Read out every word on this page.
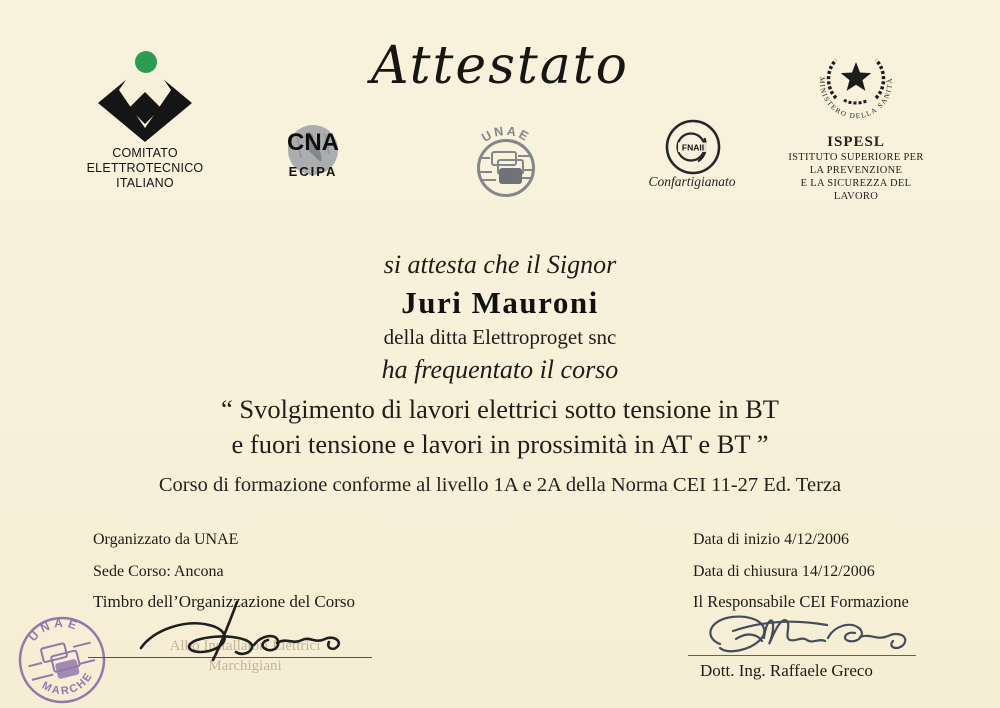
COMITATO
ELETTROTECNICO
ITALIANO
Attestato
CNA
ECIPA
UNAE
FNAII
Confartigianato
MINISTERO DELLA SANITÀ
ISPESL
ISTITUTO SUPERIORE PER
LA PREVENZIONE
E LA SICUREZZA DEL
LAVORO
si attesta che il Signor
Juri Mauroni
della ditta Elettroproget snc
ha frequentato il corso
“ Svolgimento di lavori elettrici sotto tensione in BT
e fuori tensione e lavori in prossimità in AT e BT ”
Corso di formazione conforme al livello 1A e 2A della Norma CEI 11-27 Ed. Terza
Organizzato da UNAE
Sede Corso: Ancona
Timbro dell’Organizzazione del Corso
Data di inizio 4/12/2006
Data di chiusura 14/12/2006
Il Responsabile CEI Formazione
Albo Installatori Elettrici
Marchigiani
UNAE
MARCHE	Dott. Ing. Raffaele Greco
